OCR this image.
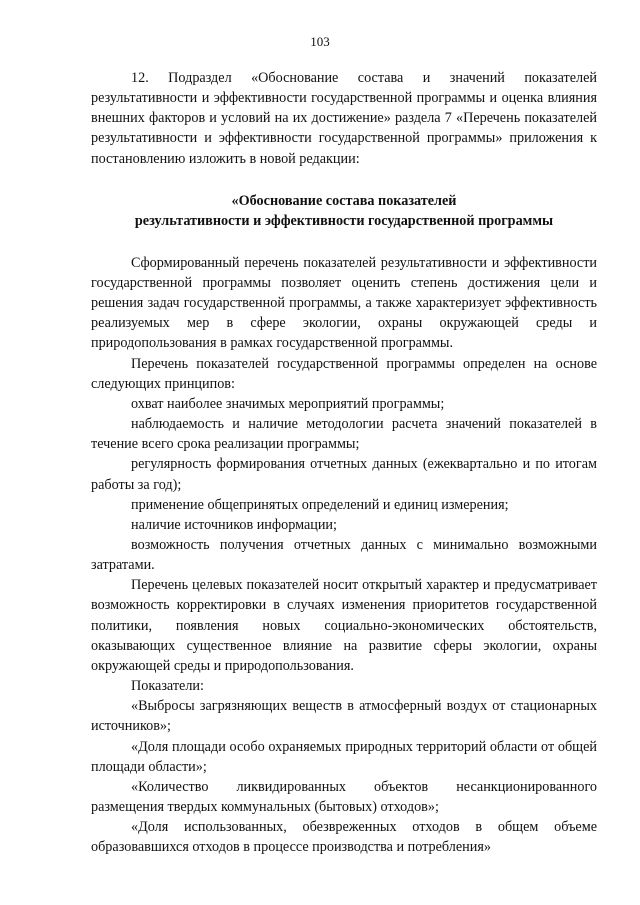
103

12. Подраздел «Обоснование состава и значений показателей результативности и эффективности государственной программы и оценка влияния внешних факторов и условий на их достижение» раздела 7 «Перечень показателей результативности и эффективности государственной программы» приложения к постановлению изложить в новой редакции:

«Обоснование состава показателей
результативности и эффективности государственной программы

Сформированный перечень показателей результативности и эффективности государственной программы позволяет оценить степень достижения цели и решения задач государственной программы, а также характеризует эффективность реализуемых мер в сфере экологии, охраны окружающей среды и природопользования в рамках государственной программы.

Перечень показателей государственной программы определен на основе следующих принципов:

охват наиболее значимых мероприятий программы;

наблюдаемость и наличие методологии расчета значений показателей в течение всего срока реализации программы;

регулярность формирования отчетных данных (ежеквартально и по итогам работы за год);

применение общепринятых определений и единиц измерения;

наличие источников информации;

возможность получения отчетных данных с минимально возможными затратами.

Перечень целевых показателей носит открытый характер и предусматривает возможность корректировки в случаях изменения приоритетов государственной политики, появления новых социально-экономических обстоятельств, оказывающих существенное влияние на развитие сферы экологии, охраны окружающей среды и природопользования.

Показатели:

«Выбросы загрязняющих веществ в атмосферный воздух от стационарных источников»;

«Доля площади особо охраняемых природных территорий области от общей площади области»;

«Количество ликвидированных объектов несанкционированного размещения твердых коммунальных (бытовых) отходов»;

«Доля использованных, обезвреженных отходов в общем объеме образовавшихся отходов в процессе производства и потребления»
